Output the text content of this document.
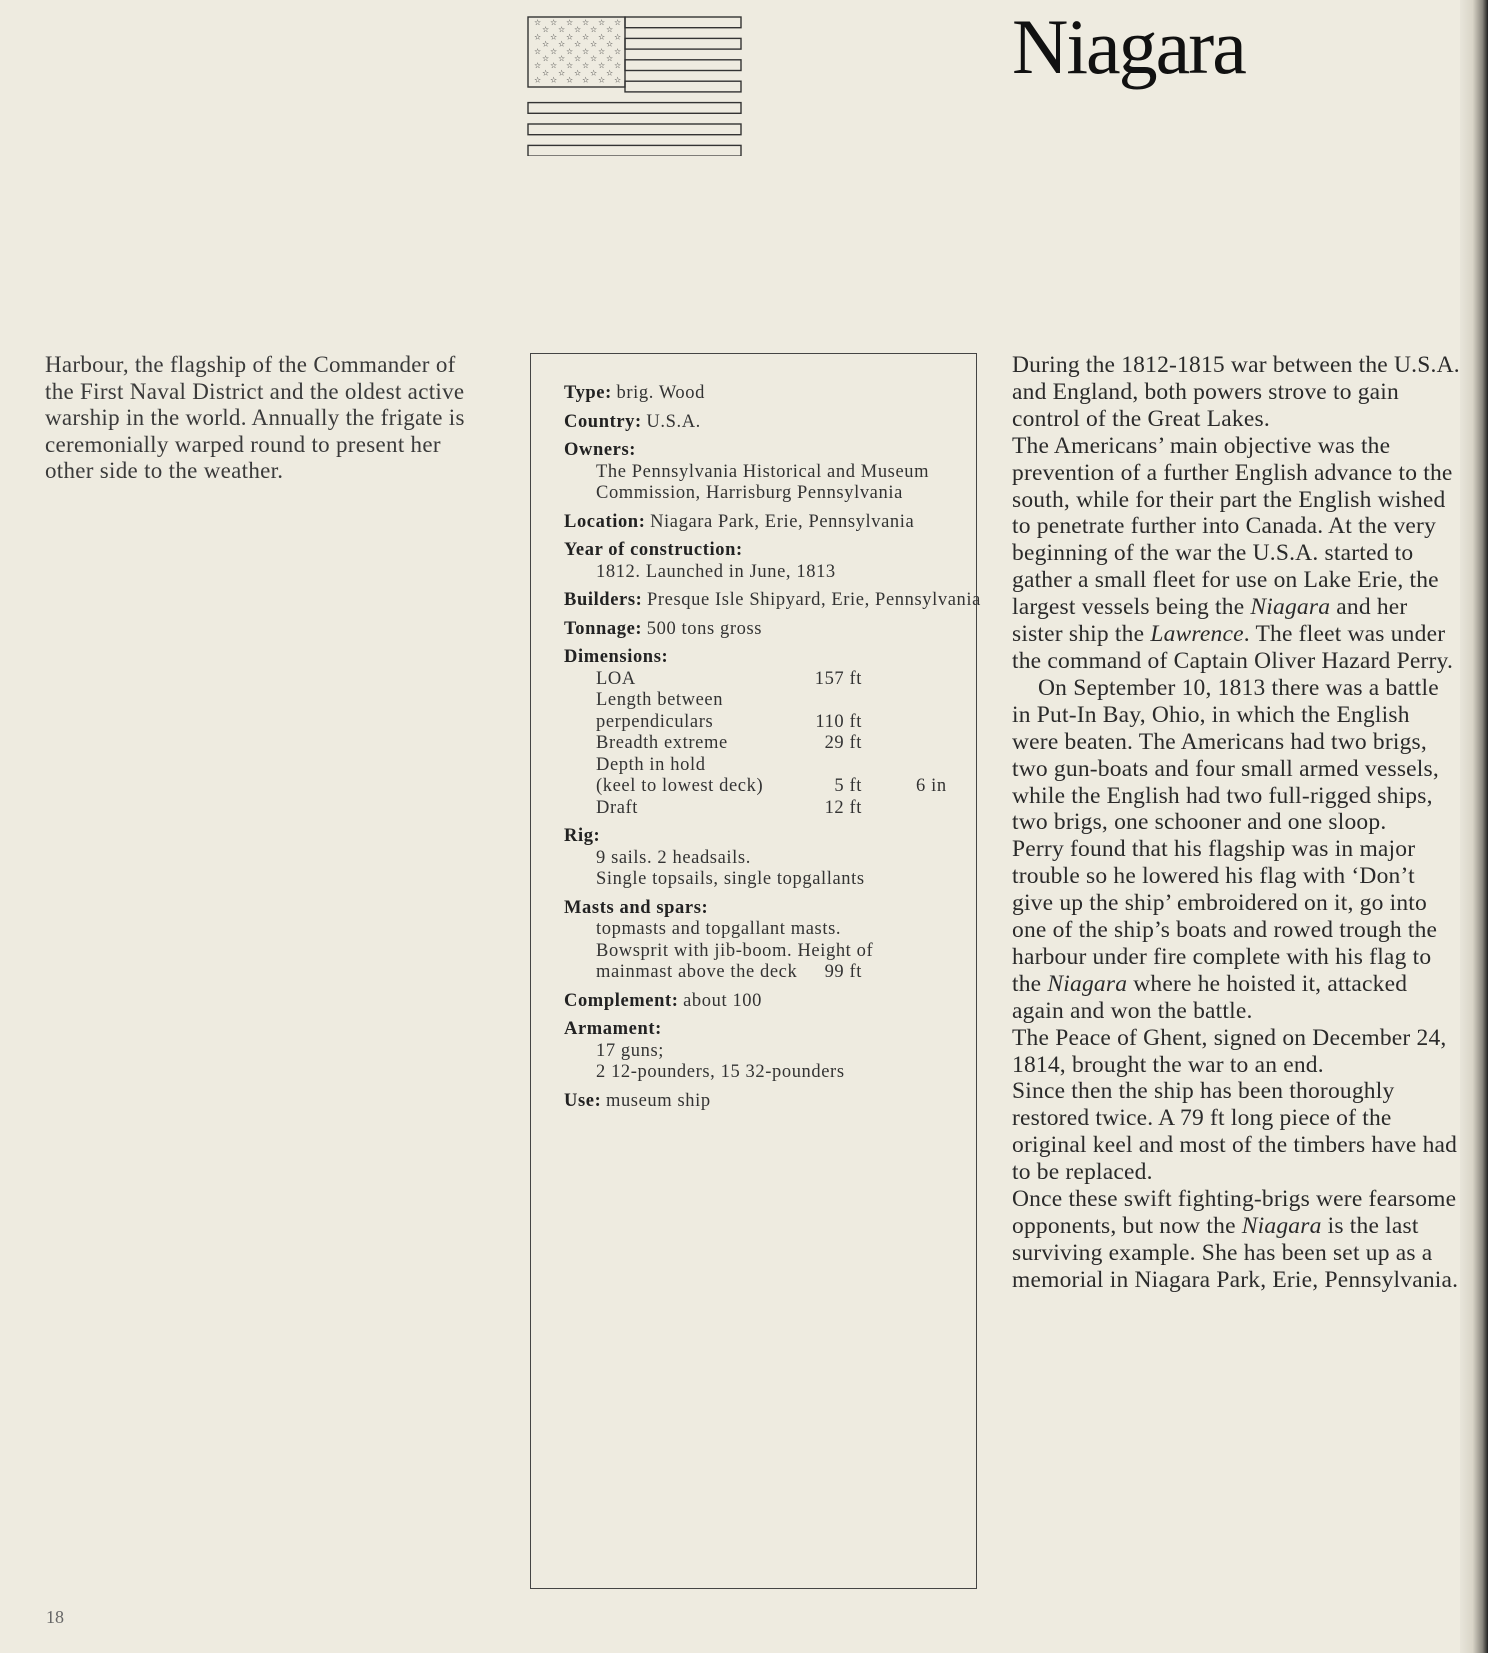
☆ ☆ ☆ ☆ ☆ ☆
☆ ☆ ☆ ☆ ☆
☆ ☆ ☆ ☆ ☆ ☆
☆ ☆ ☆ ☆ ☆
☆ ☆ ☆ ☆ ☆ ☆
☆ ☆ ☆ ☆ ☆
☆ ☆ ☆ ☆ ☆ ☆
☆ ☆ ☆ ☆ ☆
☆ ☆ ☆ ☆ ☆ ☆	Niagara
Harbour, the flagship of the Commander of the First Naval District and the oldest active warship in the world. Annually the frigate is ceremonially warped round to present her other side to the weather.
Type: brig. Wood
Country: U.S.A.
Owners:
The Pennsylvania Historical and Museum Commission, Harrisburg Pennsylvania
Location: Niagara Park, Erie, Pennsylvania
Year of construction:
1812. Launched in June, 1813
Builders: Presque Isle Shipyard, Erie, Pennsylvania
Tonnage: 500 tons gross
Dimensions:
LOA	157 ft
Length between
perpendiculars	110 ft
Breadth extreme	29 ft
Depth in hold
(keel to lowest deck)	5 ft	6 in
Draft	12 ft
Rig:
9 sails. 2 headsails.
Single topsails, single topgallants
Masts and spars:
topmasts and topgallant masts.
Bowsprit with jib-boom. Height of
mainmast above the deck 99 ft
Complement: about 100
Armament:
17 guns;
2 12-pounders, 15 32-pounders
Use: museum ship

During the 1812-1815 war between the U.S.A. and England, both powers strove to gain control of the Great Lakes.

The Americans’ main objective was the prevention of a further English advance to the south, while for their part the English wished to penetrate further into Canada. At the very beginning of the war the U.S.A. started to gather a small fleet for use on Lake Erie, the largest vessels being the Niagara and her sister ship the Lawrence. The fleet was under the command of Captain Oliver Hazard Perry.

On September 10, 1813 there was a battle in Put-In Bay, Ohio, in which the English were beaten. The Americans had two brigs, two gun-boats and four small armed vessels, while the English had two full-rigged ships, two brigs, one schooner and one sloop.

Perry found that his flagship was in major trouble so he lowered his flag with ‘Don’t give up the ship’ embroidered on it, go into one of the ship’s boats and rowed trough the harbour under fire complete with his flag to the Niagara where he hoisted it, attacked again and won the battle.

The Peace of Ghent, signed on December 24, 1814, brought the war to an end.

Since then the ship has been thoroughly restored twice. A 79 ft long piece of the original keel and most of the timbers have had to be replaced.

Once these swift fighting-brigs were fearsome opponents, but now the Niagara is the last surviving example. She has been set up as a memorial in Niagara Park, Erie, Pennsylvania.

18
